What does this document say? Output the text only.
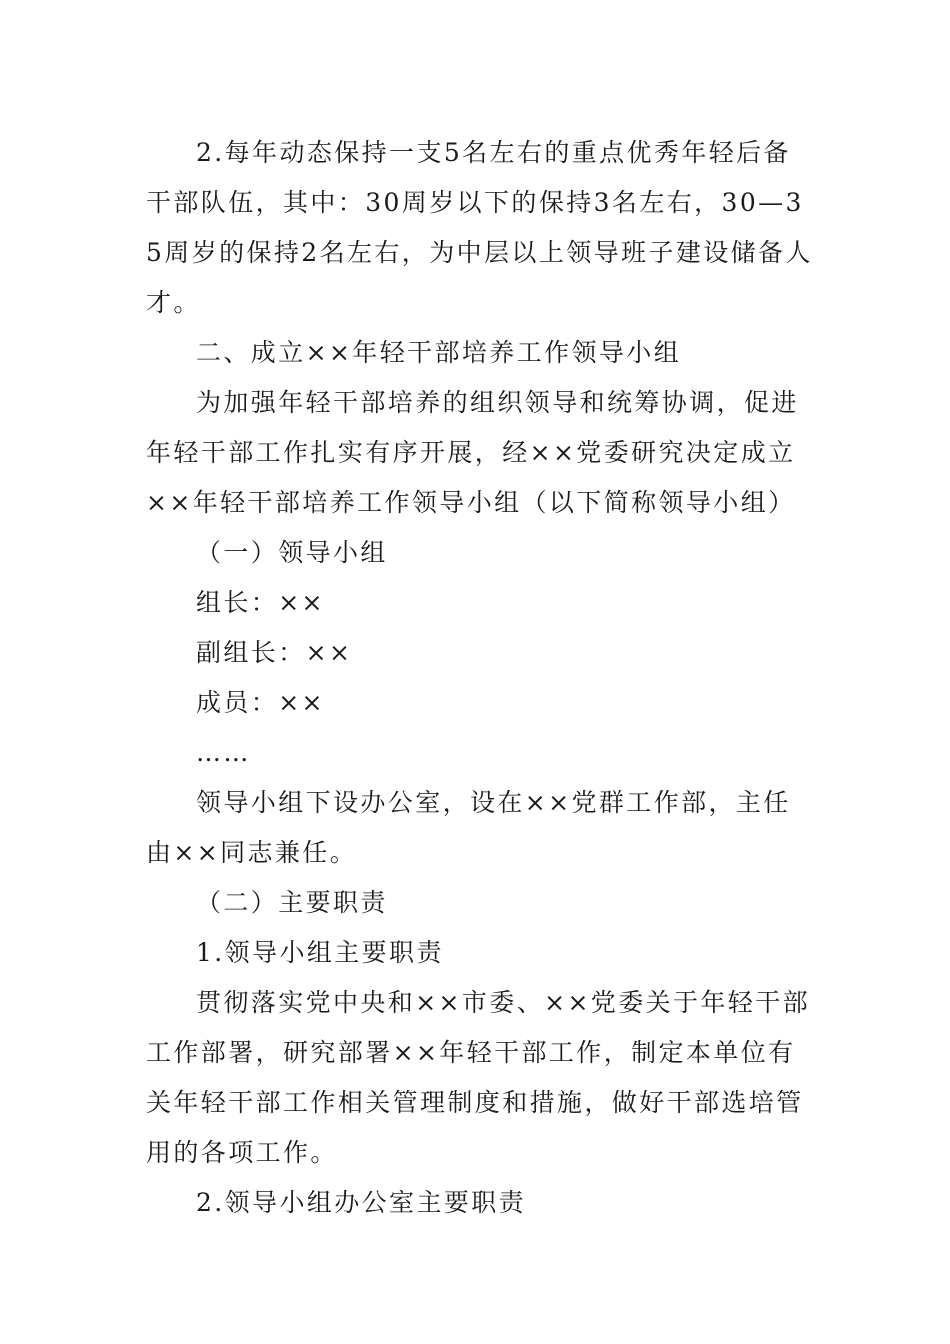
2.每年动态保持一支5名左右的重点优秀年轻后备干部队伍，其中：30周岁以下的保持3名左右，30—35周岁的保持2名左右，为中层以上领导班子建设储备人才。

二、成立××年轻干部培养工作领导小组

为加强年轻干部培养的组织领导和统筹协调，促进年轻干部工作扎实有序开展，经××党委研究决定成立××年轻干部培养工作领导小组（以下简称领导小组）

（一）领导小组

组长：××

副组长：××

成员：××

……

领导小组下设办公室，设在××党群工作部，主任由××同志兼任。

（二）主要职责

1.领导小组主要职责

贯彻落实党中央和××市委、××党委关于年轻干部工作部署，研究部署××年轻干部工作，制定本单位有关年轻干部工作相关管理制度和措施，做好干部选培管用的各项工作。

2.领导小组办公室主要职责
